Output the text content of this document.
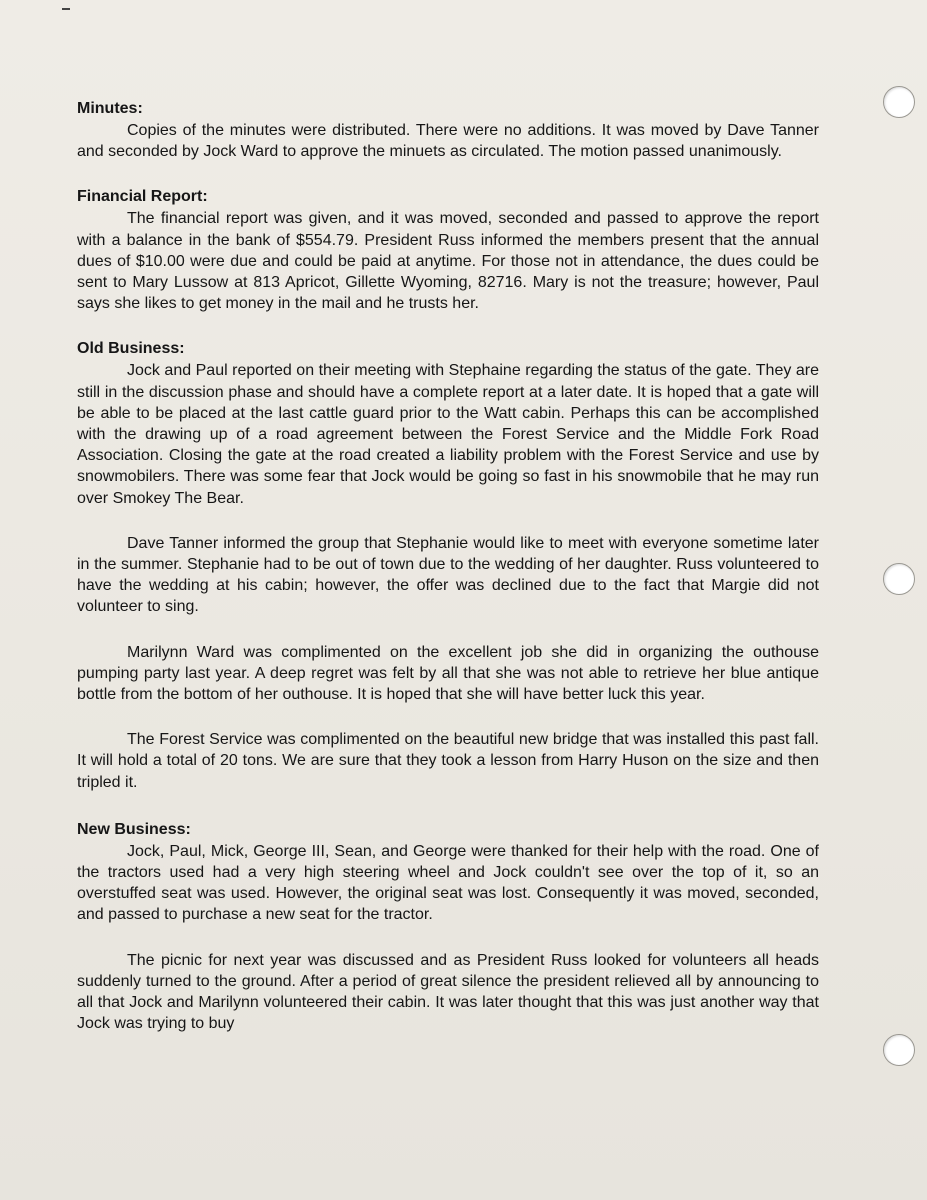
Minutes:

Copies of the minutes were distributed. There were no additions. It was moved by Dave Tanner and seconded by Jock Ward to approve the minuets as circulated. The motion passed unanimously.

Financial Report:

The financial report was given, and it was moved, seconded and passed to approve the report with a balance in the bank of $554.79. President Russ informed the members present that the annual dues of $10.00 were due and could be paid at anytime. For those not in attendance, the dues could be sent to Mary Lussow at 813 Apricot, Gillette Wyoming, 82716. Mary is not the treasure; however, Paul says she likes to get money in the mail and he trusts her.

Old Business:

Jock and Paul reported on their meeting with Stephaine regarding the status of the gate. They are still in the discussion phase and should have a complete report at a later date. It is hoped that a gate will be able to be placed at the last cattle guard prior to the Watt cabin. Perhaps this can be accomplished with the drawing up of a road agreement between the Forest Service and the Middle Fork Road Association. Closing the gate at the road created a liability problem with the Forest Service and use by snowmobilers. There was some fear that Jock would be going so fast in his snowmobile that he may run over Smokey The Bear.

Dave Tanner informed the group that Stephanie would like to meet with everyone sometime later in the summer. Stephanie had to be out of town due to the wedding of her daughter. Russ volunteered to have the wedding at his cabin; however, the offer was declined due to the fact that Margie did not volunteer to sing.

Marilynn Ward was complimented on the excellent job she did in organizing the outhouse pumping party last year. A deep regret was felt by all that she was not able to retrieve her blue antique bottle from the bottom of her outhouse. It is hoped that she will have better luck this year.

The Forest Service was complimented on the beautiful new bridge that was installed this past fall. It will hold a total of 20 tons. We are sure that they took a lesson from Harry Huson on the size and then tripled it.

New Business:

Jock, Paul, Mick, George III, Sean, and George were thanked for their help with the road. One of the tractors used had a very high steering wheel and Jock couldn't see over the top of it, so an overstuffed seat was used. However, the original seat was lost. Consequently it was moved, seconded, and passed to purchase a new seat for the tractor.

The picnic for next year was discussed and as President Russ looked for volunteers all heads suddenly turned to the ground. After a period of great silence the president relieved all by announcing to all that Jock and Marilynn volunteered their cabin. It was later thought that this was just another way that Jock was trying to buy
